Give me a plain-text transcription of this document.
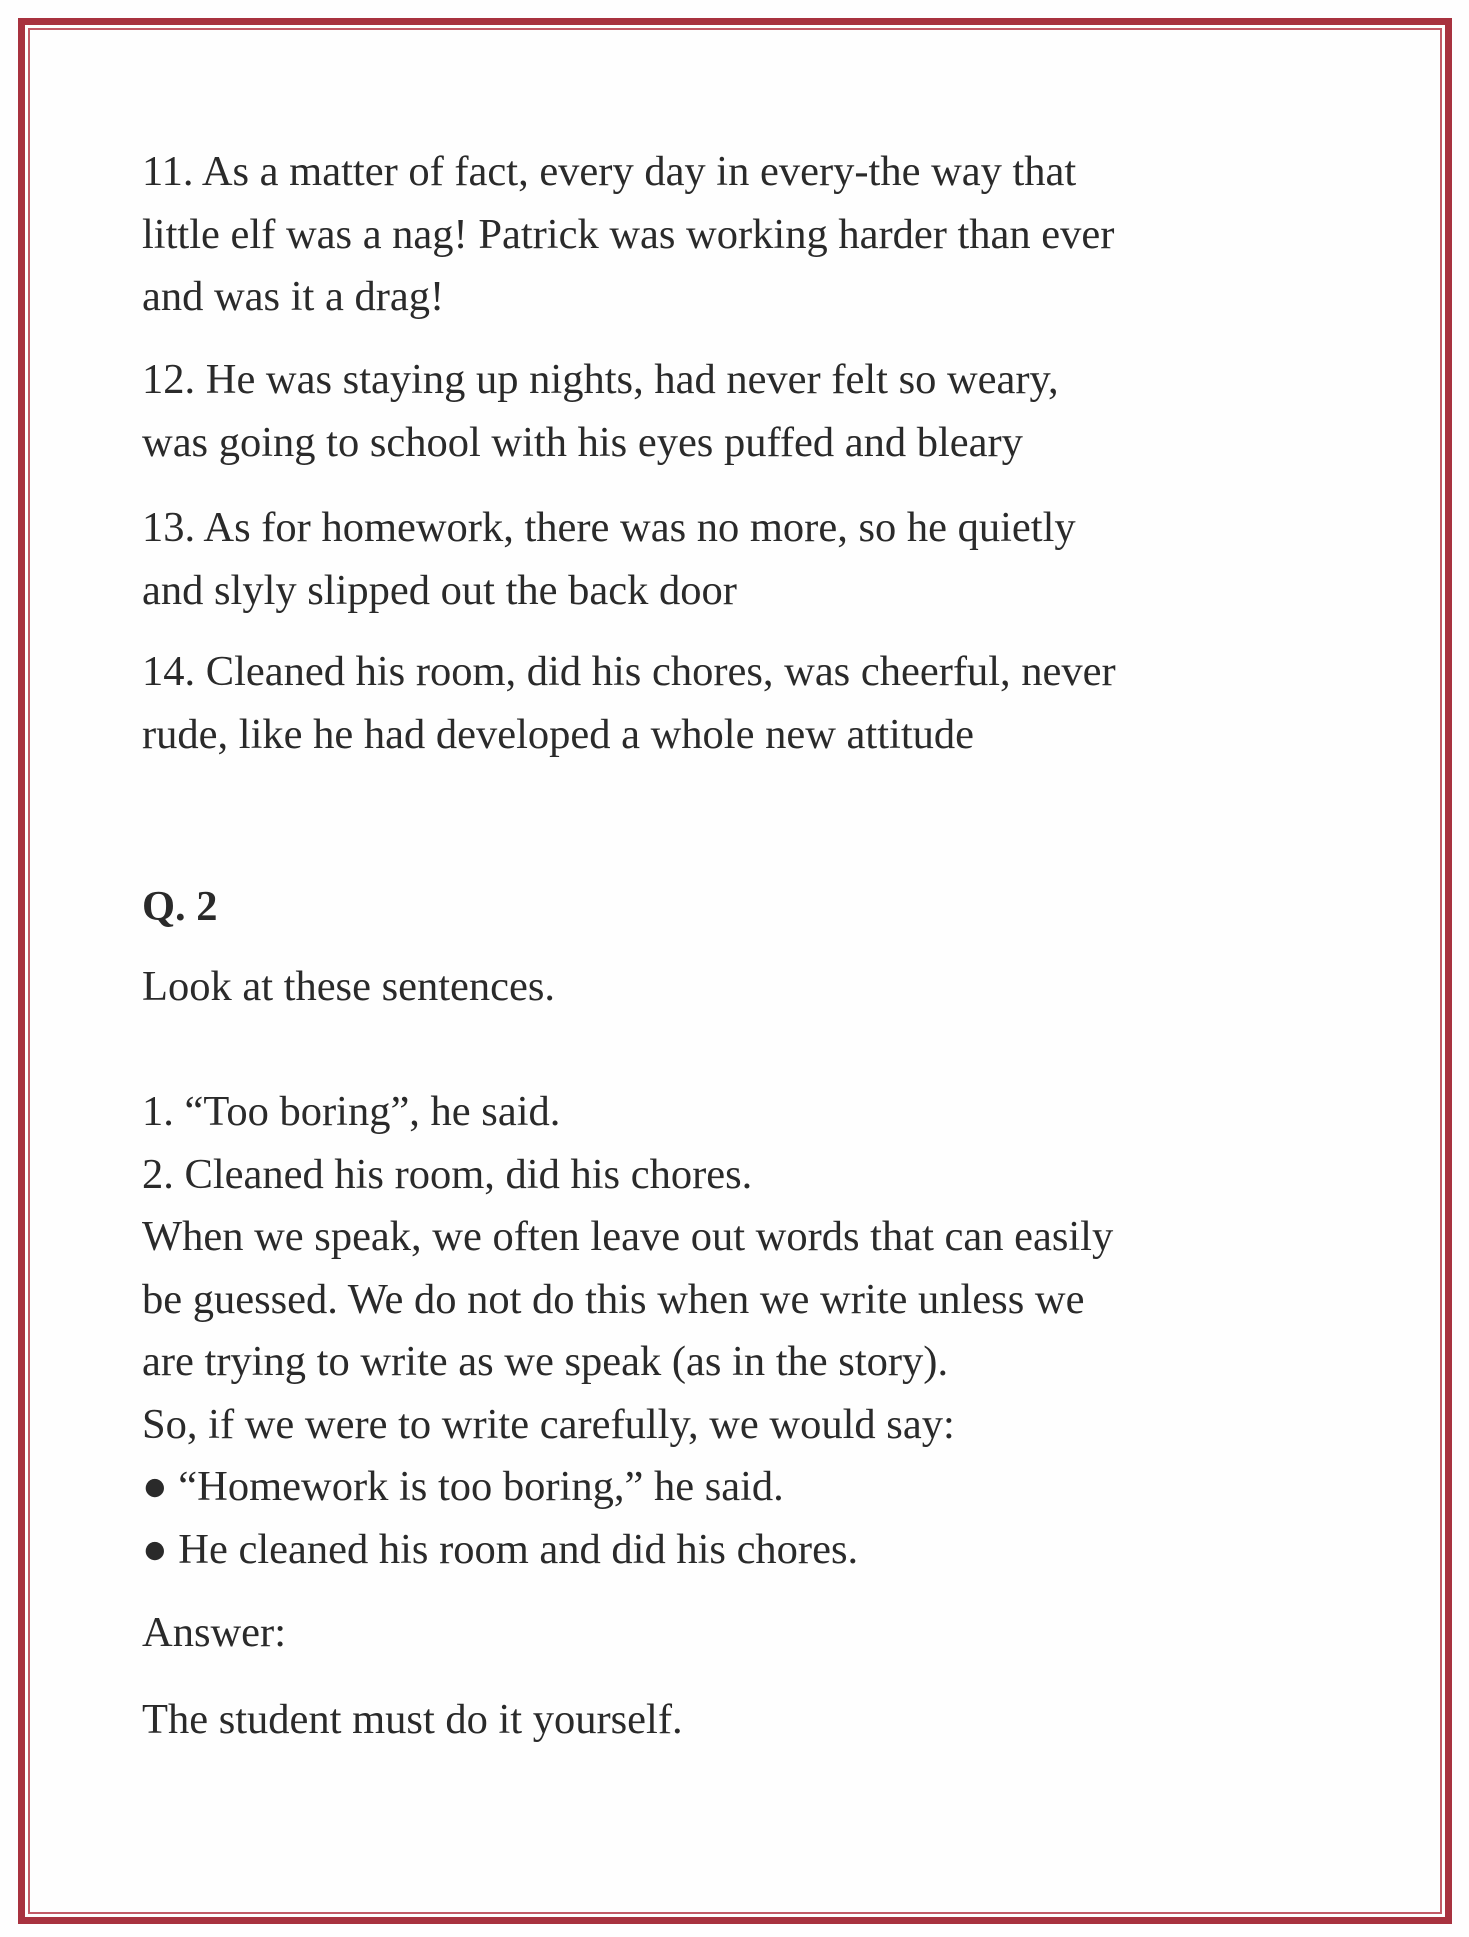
11. As a matter of fact, every day in every-the way that
little elf was a nag! Patrick was working harder than ever
and was it a drag!
12. He was staying up nights, had never felt so weary,
was going to school with his eyes puffed and bleary
13. As for homework, there was no more, so he quietly
and slyly slipped out the back door
14. Cleaned his room, did his chores, was cheerful, never
rude, like he had developed a whole new attitude
Q. 2
Look at these sentences.
1. “Too boring”, he said.
2. Cleaned his room, did his chores.
When we speak, we often leave out words that can easily
be guessed. We do not do this when we write unless we
are trying to write as we speak (as in the story).
So, if we were to write carefully, we would say:
● “Homework is too boring,” he said.
● He cleaned his room and did his chores.
Answer:
The student must do it yourself.
